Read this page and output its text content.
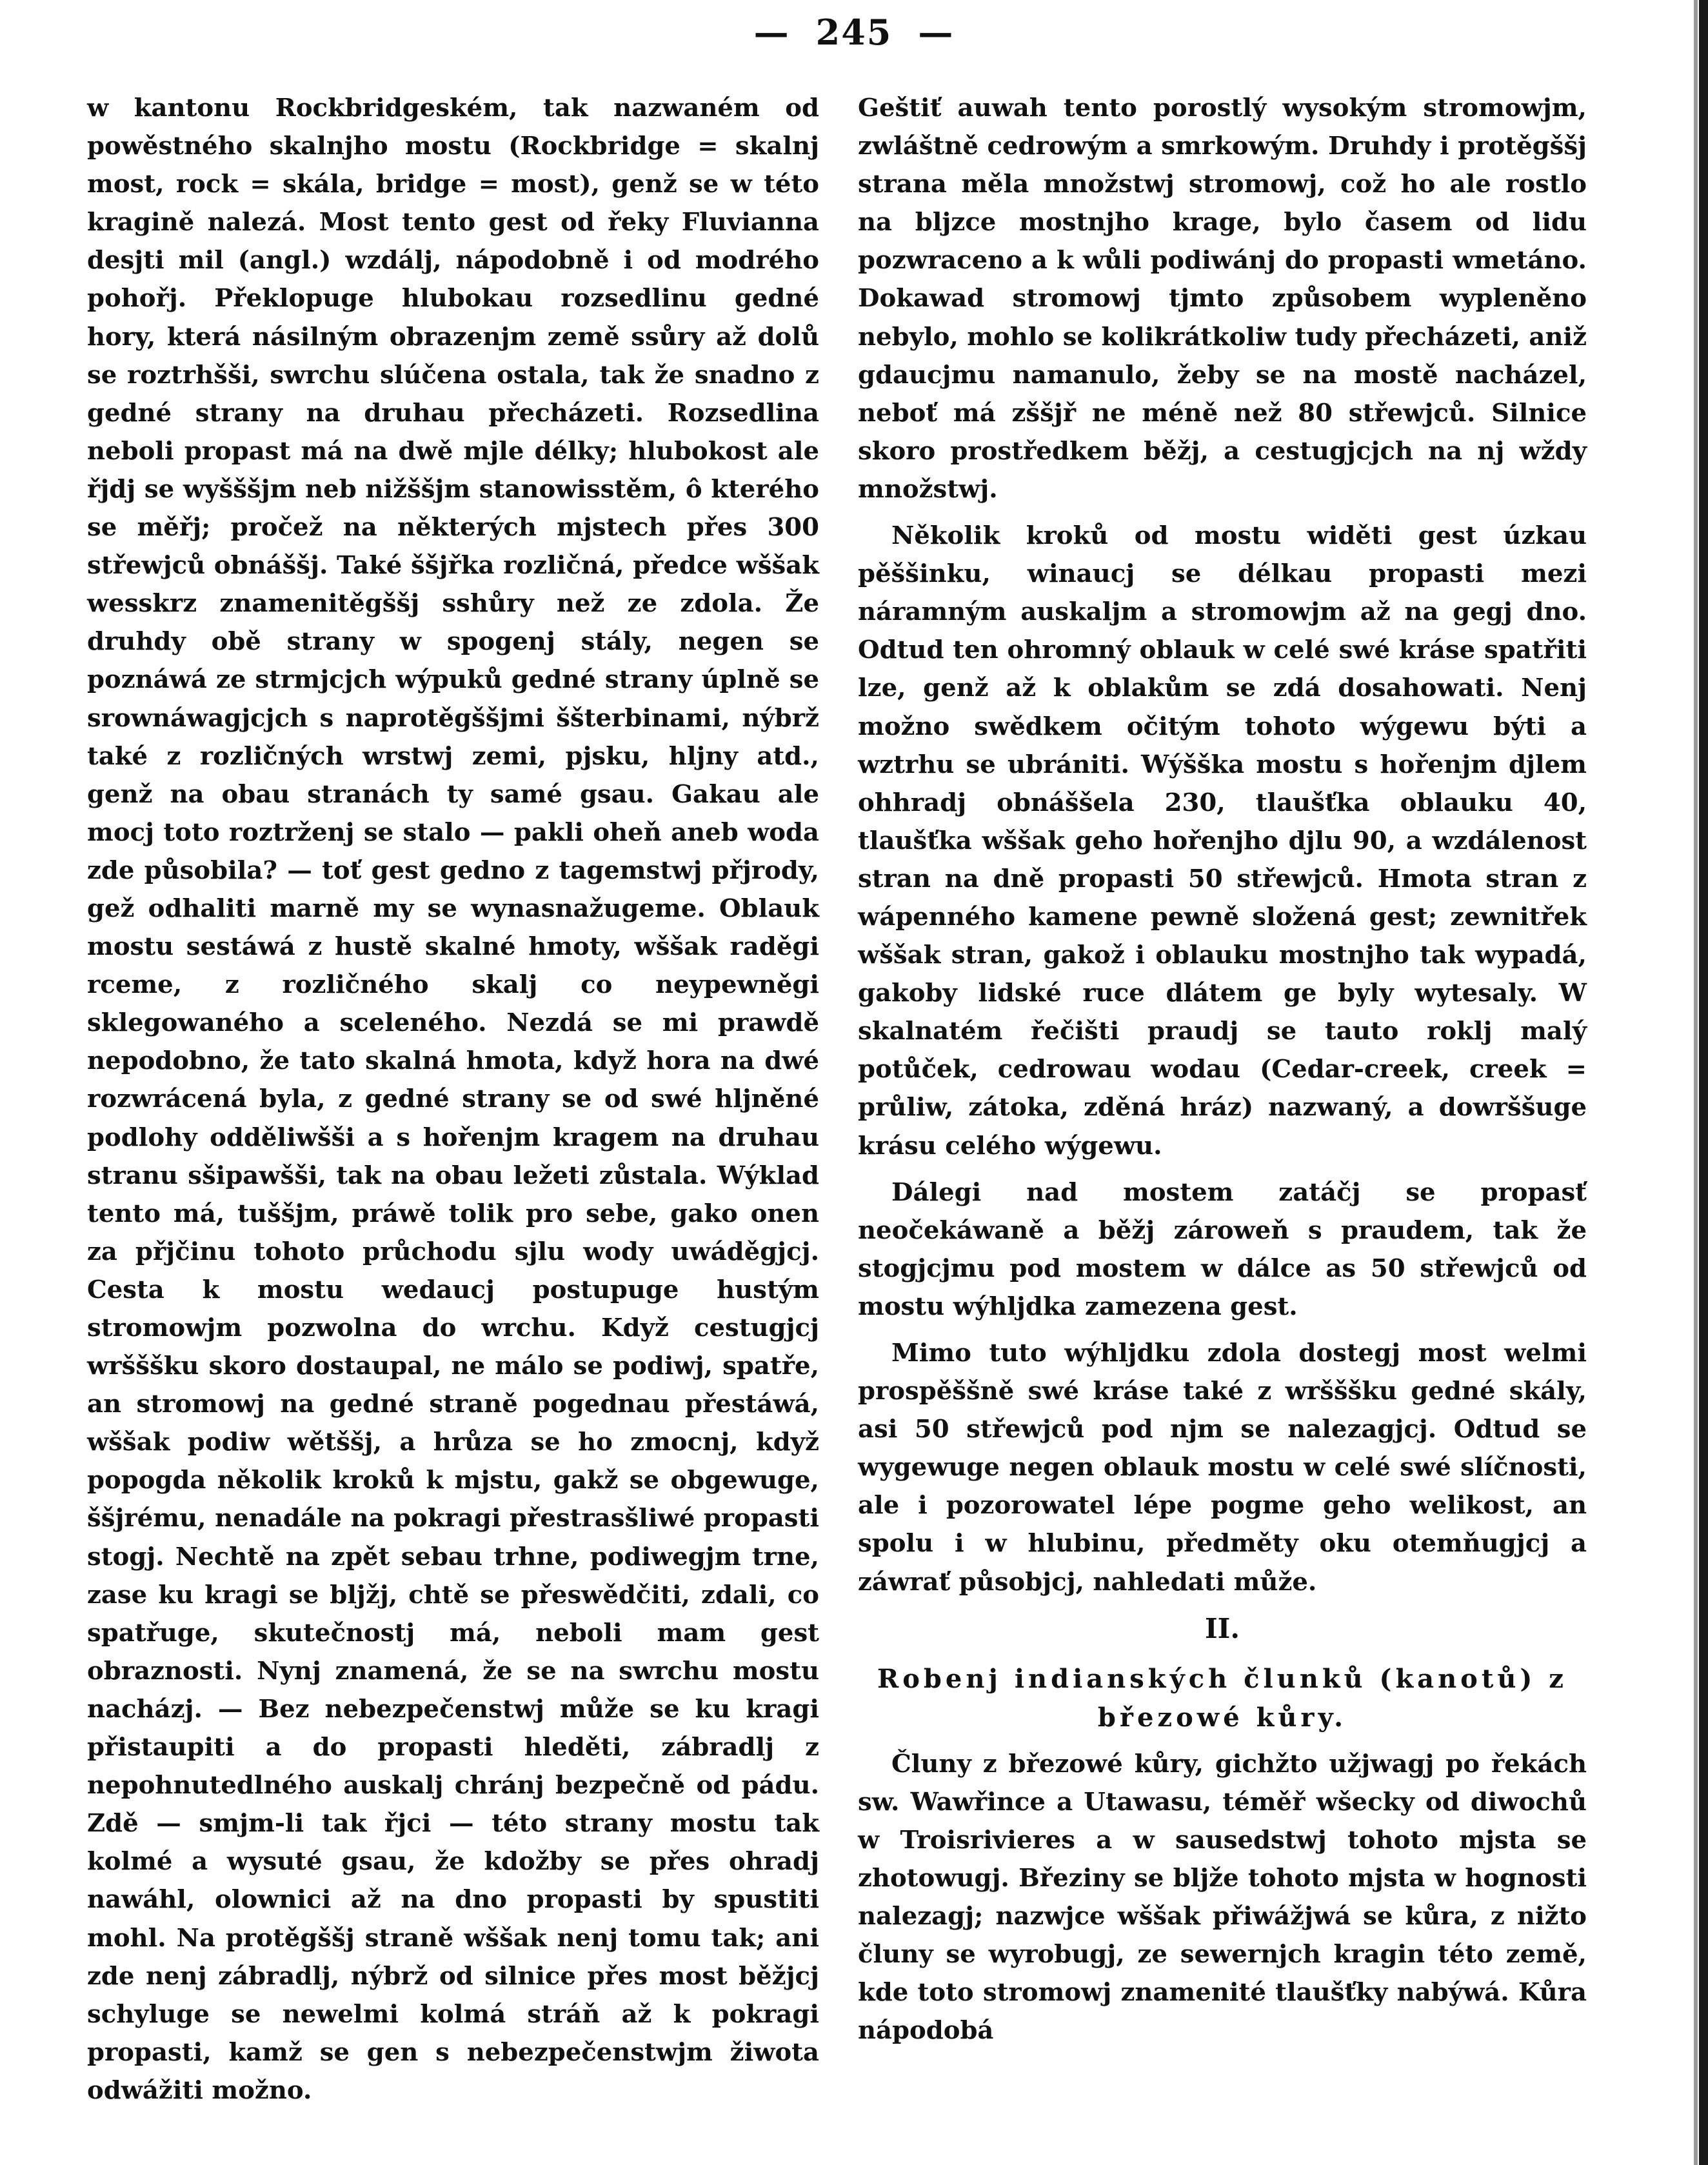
— 245 —

w kantonu Rockbridgeském, tak nazwaném od powěstného skalnjho mostu (Rockbridge = skalnj most, rock = skála, bridge = most), genž se w této kragině nalezá. Most tento gest od řeky Fluvianna desjti mil (angl.) wzdálj, nápodobně i od modrého pohořj. Překlopuge hlubokau rozsedlinu gedné hory, která násilným obrazenjm země ssůry až dolů se roztrhšši, swrchu slúčena ostala, tak že snadno z gedné strany na druhau přecházeti. Rozsedlina neboli propast má na dwě mjle délky; hlubokost ale řjdj se wyšššjm neb nižššjm stanowisstěm, ô kterého se měřj; pročež na některých mjstech přes 300 střewjců obnáššj. Také ššjřka rozličná, předce wššak wesskrz znamenitěgššj sshůry než ze zdola. Že druhdy obě strany w spogenj stály, negen se poznáwá ze strmjcjch wýpuků gedné strany úplně se srownáwagjcjch s naprotěgššjmi ššterbinami, nýbrž také z rozličných wrstwj zemi, pjsku, hljny atd., genž na obau stranách ty samé gsau. Gakau ale mocj toto roztrženj se stalo — pakli oheň aneb woda zde působila? — toť gest gedno z tagemstwj přjrody, gež odhaliti marně my se wynasnažugeme. Oblauk mostu sestáwá z hustě skalné hmoty, wššak raděgi rceme, z rozličného skalj co neypewněgi sklegowaného a sceleného. Nezdá se mi prawdě nepodobno, že tato skalná hmota, když hora na dwé rozwrácená byla, z gedné strany se od swé hljněné podlohy odděliwšši a s hořenjm kragem na druhau stranu sšipawšši, tak na obau ležeti zůstala. Wýklad tento má, tuššjm, práwě tolik pro sebe, gako onen za přjčinu tohoto průchodu sjlu wody uwáděgjcj. Cesta k mostu wedaucj postupuge hustým stromowjm pozwolna do wrchu. Když cestugjcj wršššku skoro dostaupal, ne málo se podiwj, spatře, an stromowj na gedné straně pogednau přestáwá, wššak podiw wětššj, a hrůza se ho zmocnj, když popogda několik kroků k mjstu, gakž se obgewuge, ššjrému, nenadále na pokragi přestrasšliwé propasti stogj. Nechtě na zpět sebau trhne, podiwegjm trne, zase ku kragi se bljžj, chtě se přeswědčiti, zdali, co spatřuge, skutečnostj má, neboli mam gest obraznosti. Nynj znamená, že se na swrchu mostu nacházj. — Bez nebezpečenstwj může se ku kragi přistaupiti a do propasti hleděti, zábradlj z nepohnutedlného auskalj chránj bezpečně od pádu. Zdě — smjm-li tak řjci — této strany mostu tak kolmé a wysuté gsau, že kdožby se přes ohradj nawáhl, olownici až na dno propasti by spustiti mohl. Na protěgššj straně wššak nenj tomu tak; ani zde nenj zábradlj, nýbrž od silnice přes most běžjcj schyluge se newelmi kolmá stráň až k pokragi propasti, kamž se gen s nebezpečenstwjm žiwota odwážiti možno.

Geštiť auwah tento porostlý wysokým stromowjm, zwláštně cedrowým a smrkowým. Druhdy i protěgššj strana měla množstwj stromowj, což ho ale rostlo na bljzce mostnjho krage, bylo časem od lidu pozwraceno a k wůli podiwánj do propasti wmetáno. Dokawad stromowj tjmto způsobem wypleněno nebylo, mohlo se kolikrátkoliw tudy přecházeti, aniž gdaucjmu namanulo, žeby se na mostě nacházel, neboť má zššjř ne méně než 80 střewjců. Silnice skoro prostředkem běžj, a cestugjcjch na nj wždy množstwj.

Několik kroků od mostu widěti gest úzkau pěššinku, winaucj se délkau propasti mezi náramným auskaljm a stromowjm až na gegj dno. Odtud ten ohromný oblauk w celé swé kráse spatřiti lze, genž až k oblakům se zdá dosahowati. Nenj možno swědkem očitým tohoto wýgewu býti a wztrhu se ubrániti. Wýšška mostu s hořenjm djlem ohhradj obnáššela 230, tlaušťka oblauku 40, tlaušťka wššak geho hořenjho djlu 90, a wzdálenost stran na dně propasti 50 střewjců. Hmota stran z wápenného kamene pewně složená gest; zewnitřek wššak stran, gakož i oblauku mostnjho tak wypadá, gakoby lidské ruce dlátem ge byly wytesaly. W skalnatém řečišti praudj se tauto roklj malý potůček, cedrowau wodau (Cedar-creek, creek = průliw, zátoka, zděná hráz) nazwaný, a dowrššuge krásu celého wýgewu.

Dálegi nad mostem zatáčj se propasť neočekáwaně a běžj zároweň s praudem, tak že stogjcjmu pod mostem w dálce as 50 střewjců od mostu wýhljdka zamezena gest.

Mimo tuto wýhljdku zdola dostegj most welmi prospěššně swé kráse také z wršššku gedné skály, asi 50 střewjců pod njm se nalezagjcj. Odtud se wygewuge negen oblauk mostu w celé swé slíčnosti, ale i pozorowatel lépe pogme geho welikost, an spolu i w hlubinu, předměty oku otemňugjcj a záwrať působjcj, nahledati může.

II.
Robenj indianských člunků (kanotů) z březowé kůry.

Čluny z březowé kůry, gichžto užjwagj po řekách sw. Wawřince a Utawasu, téměř wšecky od diwochů w Troisrivieres a w sausedstwj tohoto mjsta se zhotowugj. Březiny se bljže tohoto mjsta w hognosti nalezagj; nazwjce wššak přiwážjwá se kůra, z nižto čluny se wyrobugj, ze sewernjch kragin této země, kde toto stromowj znamenité tlaušťky nabýwá. Kůra nápodobá
